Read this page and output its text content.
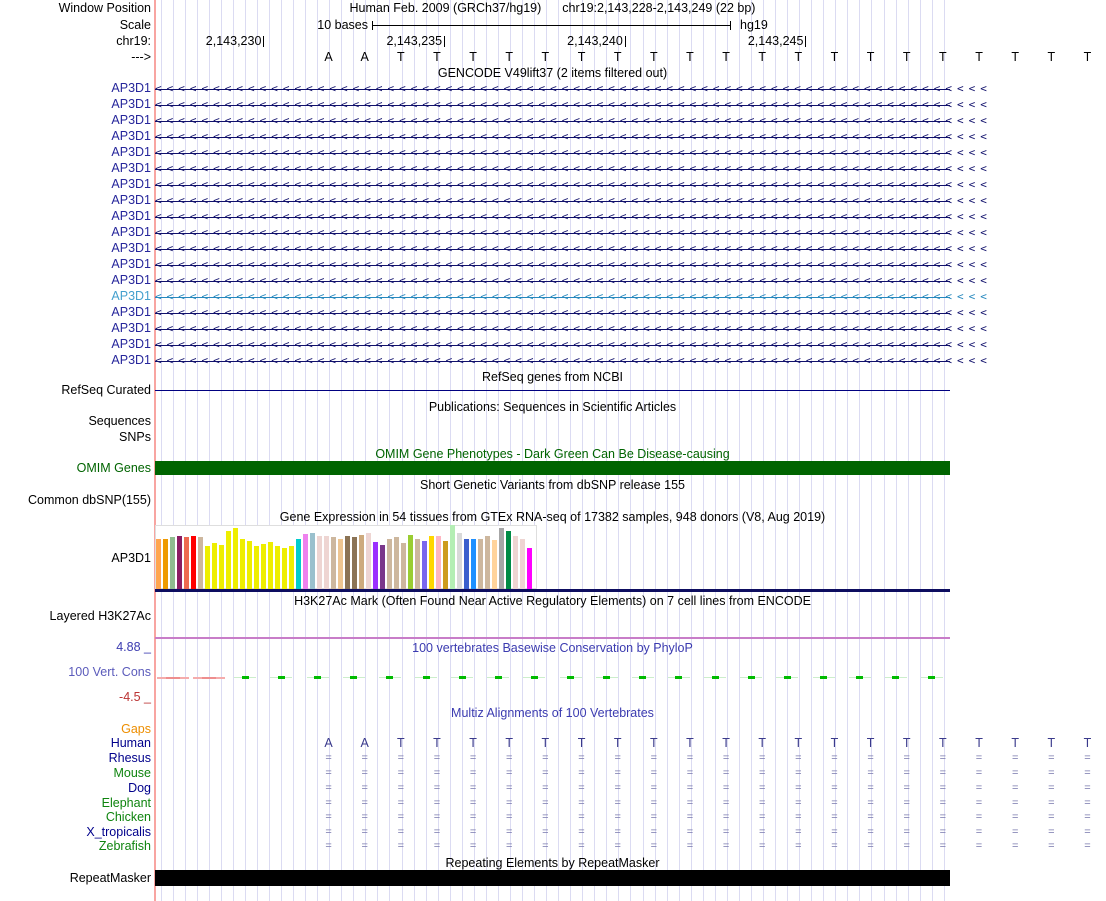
Window Position	Human Feb. 2009 (GRCh37/hg19) chr19:2,143,228-2,143,249 (22 bp)
Scale	10 bases	hg19
chr19:	2,143,230	2,143,235	2,143,240	2,143,245
--->	A	A	T	T	T	T	T	T	T	T	T	T	T	T	T	T	T	T	T	T	T	T
GENCODE V49lift37 (2 items filtered out)
AP3D1 <<<<<<<<<<<<<<<<<<<<<<<<<<<<<<<<<<<<<<<<<<<<<<<<<<<<<<<<<<<<<<<<<<<<<<<<
AP3D1 <<<<<<<<<<<<<<<<<<<<<<<<<<<<<<<<<<<<<<<<<<<<<<<<<<<<<<<<<<<<<<<<<<<<<<<<
AP3D1 <<<<<<<<<<<<<<<<<<<<<<<<<<<<<<<<<<<<<<<<<<<<<<<<<<<<<<<<<<<<<<<<<<<<<<<<
AP3D1 <<<<<<<<<<<<<<<<<<<<<<<<<<<<<<<<<<<<<<<<<<<<<<<<<<<<<<<<<<<<<<<<<<<<<<<<
AP3D1 <<<<<<<<<<<<<<<<<<<<<<<<<<<<<<<<<<<<<<<<<<<<<<<<<<<<<<<<<<<<<<<<<<<<<<<<
AP3D1 <<<<<<<<<<<<<<<<<<<<<<<<<<<<<<<<<<<<<<<<<<<<<<<<<<<<<<<<<<<<<<<<<<<<<<<<
AP3D1 <<<<<<<<<<<<<<<<<<<<<<<<<<<<<<<<<<<<<<<<<<<<<<<<<<<<<<<<<<<<<<<<<<<<<<<<
AP3D1 <<<<<<<<<<<<<<<<<<<<<<<<<<<<<<<<<<<<<<<<<<<<<<<<<<<<<<<<<<<<<<<<<<<<<<<<
AP3D1 <<<<<<<<<<<<<<<<<<<<<<<<<<<<<<<<<<<<<<<<<<<<<<<<<<<<<<<<<<<<<<<<<<<<<<<<
AP3D1 <<<<<<<<<<<<<<<<<<<<<<<<<<<<<<<<<<<<<<<<<<<<<<<<<<<<<<<<<<<<<<<<<<<<<<<<
AP3D1 <<<<<<<<<<<<<<<<<<<<<<<<<<<<<<<<<<<<<<<<<<<<<<<<<<<<<<<<<<<<<<<<<<<<<<<<
AP3D1 <<<<<<<<<<<<<<<<<<<<<<<<<<<<<<<<<<<<<<<<<<<<<<<<<<<<<<<<<<<<<<<<<<<<<<<<
AP3D1 <<<<<<<<<<<<<<<<<<<<<<<<<<<<<<<<<<<<<<<<<<<<<<<<<<<<<<<<<<<<<<<<<<<<<<<<
AP3D1 <<<<<<<<<<<<<<<<<<<<<<<<<<<<<<<<<<<<<<<<<<<<<<<<<<<<<<<<<<<<<<<<<<<<<<<<
AP3D1 <<<<<<<<<<<<<<<<<<<<<<<<<<<<<<<<<<<<<<<<<<<<<<<<<<<<<<<<<<<<<<<<<<<<<<<<
AP3D1 <<<<<<<<<<<<<<<<<<<<<<<<<<<<<<<<<<<<<<<<<<<<<<<<<<<<<<<<<<<<<<<<<<<<<<<<
AP3D1 <<<<<<<<<<<<<<<<<<<<<<<<<<<<<<<<<<<<<<<<<<<<<<<<<<<<<<<<<<<<<<<<<<<<<<<<
AP3D1 <<<<<<<<<<<<<<<<<<<<<<<<<<<<<<<<<<<<<<<<<<<<<<<<<<<<<<<<<<<<<<<<<<<<<<<<
RefSeq genes from NCBI
RefSeq Curated
Publications: Sequences in Scientific Articles
Sequences
SNPs
OMIM Gene Phenotypes - Dark Green Can Be Disease-causing
OMIM Genes
Short Genetic Variants from dbSNP release 155
Common dbSNP(155)
Gene Expression in 54 tissues from GTEx RNA-seq of 17382 samples, 948 donors (V8, Aug 2019)
AP3D1
H3K27Ac Mark (Often Found Near Active Regulatory Elements) on 7 cell lines from ENCODE
Layered H3K27Ac
4.88 _	100 vertebrates Basewise Conservation by PhyloP
100 Vert. Cons
-4.5 _
Multiz Alignments of 100 Vertebrates
Gaps
Human	A	A	T	T	T	T	T	T	T	T	T	T	T	T	T	T	T	T	T	T	T	T
Rhesus	=	=	=	=	=	=	=	=	=	=	=	=	=	=	=	=	=	=	=	=	=	=
Mouse	=	=	=	=	=	=	=	=	=	=	=	=	=	=	=	=	=	=	=	=	=	=
Dog	=	=	=	=	=	=	=	=	=	=	=	=	=	=	=	=	=	=	=	=	=	=
Elephant	=	=	=	=	=	=	=	=	=	=	=	=	=	=	=	=	=	=	=	=	=	=
Chicken	=	=	=	=	=	=	=	=	=	=	=	=	=	=	=	=	=	=	=	=	=	=
X_tropicalis	=	=	=	=	=	=	=	=	=	=	=	=	=	=	=	=	=	=	=	=	=	=
Zebrafish	=	=	=	=	=	=	=	=	=	=	=	=	=	=	=	=	=	=	=	=	=	=
Repeating Elements by RepeatMasker
RepeatMasker
